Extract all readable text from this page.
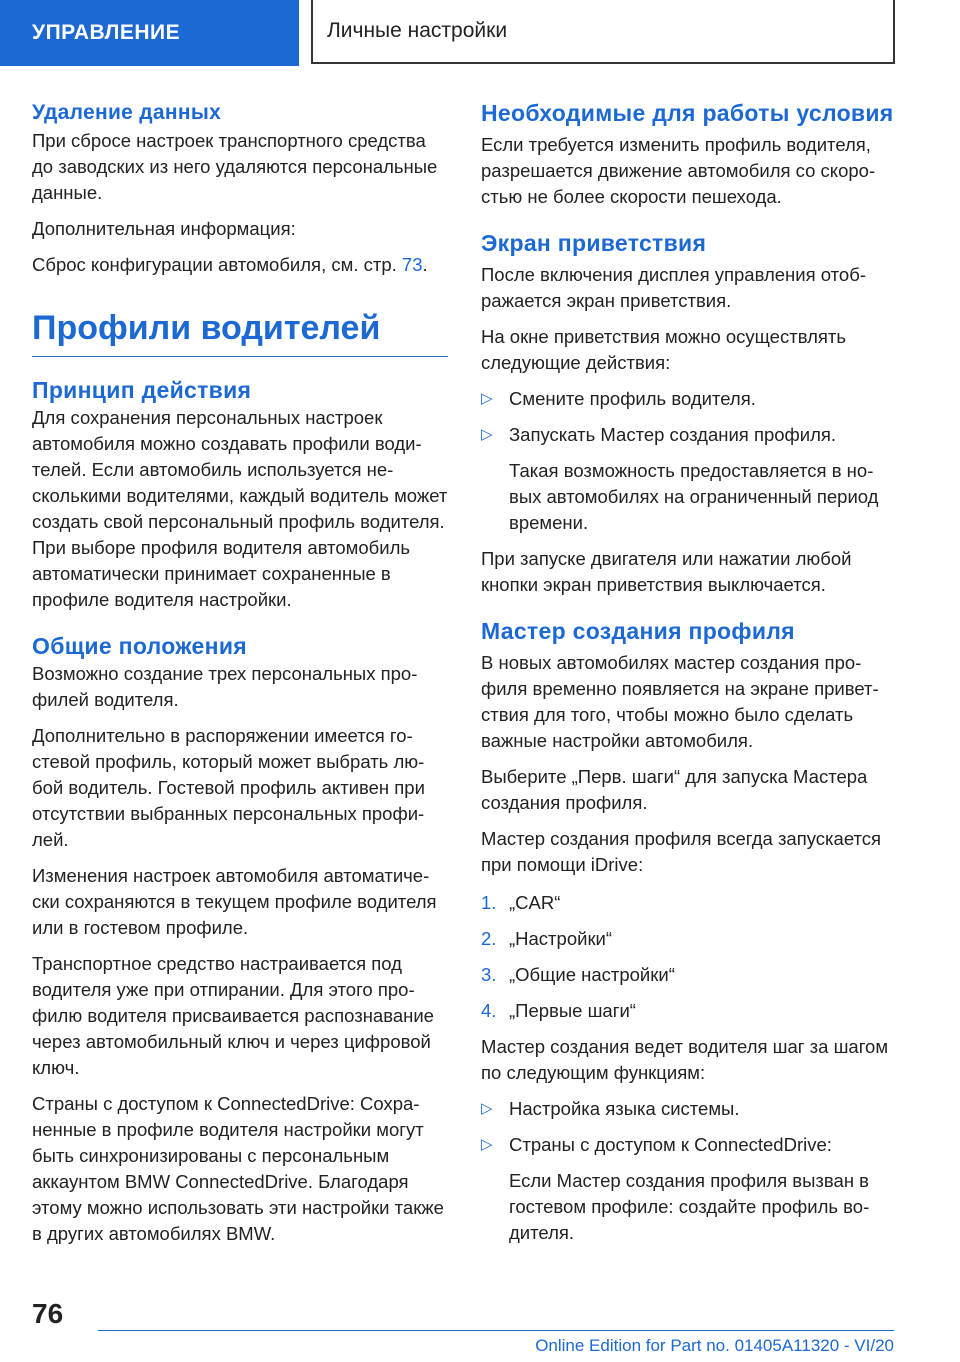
УПРАВЛЕНИЕ	Личные настройки
Удаление данных

При сбросе настроек транспортного средства до заводских из него удаляются персональные данные.

Дополнительная информация:

Сброс конфигурации автомобиля, см. стр. 73.

Профили водителей
Принцип действия

Для сохранения персональных настроек автомобиля можно создавать профили водителей. Если автомобиль используется несколькими водителями, каждый водитель может создать свой персональный профиль водителя. При выборе профиля водителя автомобиль автоматически принимает сохраненные в профиле водителя настройки.

Общие положения

Возможно создание трех персональных профилей водителя.

Дополнительно в распоряжении имеется гостевой профиль, который может выбрать любой водитель. Гостевой профиль активен при отсутствии выбранных персональных профилей.

Изменения настроек автомобиля автоматически сохраняются в текущем профиле водителя или в гостевом профиле.

Транспортное средство настраивается под водителя уже при отпирании. Для этого профилю водителя присваивается распознавание через автомобильный ключ и через цифровой ключ.

Страны с доступом к ConnectedDrive: Сохраненные в профиле водителя настройки могут быть синхронизированы с персональным аккаунтом BMW ConnectedDrive. Благодаря этому можно использовать эти настройки также в других автомобилях BMW.

Необходимые для работы условия

Если требуется изменить профиль водителя, разрешается движение автомобиля со скоростью не более скорости пешехода.

Экран приветствия

После включения дисплея управления отображается экран приветствия.

На окне приветствия можно осуществлять следующие действия:

▷ Смените профиль водителя.
▷ Запускать Мастер создания профиля.

Такая возможность предоставляется в новых автомобилях на ограниченный период времени.

При запуске двигателя или нажатии любой кнопки экран приветствия выключается.

Мастер создания профиля

В новых автомобилях мастер создания профиля временно появляется на экране приветствия для того, чтобы можно было сделать важные настройки автомобиля.

Выберите „Перв. шаги“ для запуска Мастера создания профиля.

Мастер создания профиля всегда запускается при помощи iDrive:

1. „CAR“
2. „Настройки“
3. „Общие настройки“
4. „Первые шаги“

Мастер создания ведет водителя шаг за шагом по следующим функциям:

▷ Настройка языка системы.
▷ Страны с доступом к ConnectedDrive:

Если Мастер создания профиля вызван в гостевом профиле: создайте профиль водителя.

76
Online Edition for Part no. 01405A11320 - VI/20
